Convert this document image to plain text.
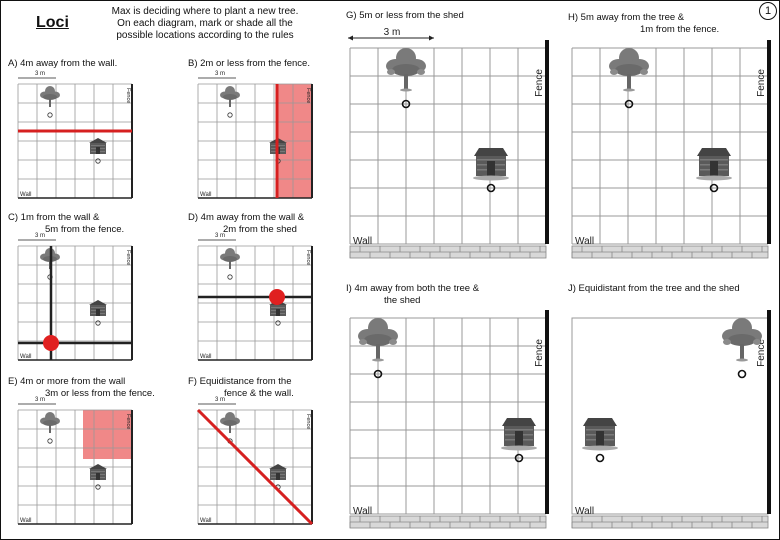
Loci
Max is deciding where to plant a new tree.
On each diagram, mark or shade all the
possible locations according to the rules
1
A) 4m away from the wall.	B) 2m or less from the fence.
C) 1m from the wall &
5m from the fence.
D) 4m away from the wall &
2m from the shed
E) 4m or more from the wall
3m or less from the fence.
F) Equidistance from the
fence & the wall.
G) 5m or less from the shed	H) 5m away from the tree &
1m from the fence.
I) 4m away from both the tree &
the shed
J) Equidistant from the tree and the shed
3 m
Wall
Fence
3 m
Wall
Fence
3 m
Wall
Fence
3 m
Wall
Fence
3 m
Wall
Fence
3 m
Wall
Fence
Fence
Wall
3 m
Fence
Wall
Fence
Wall
Fence
Wall
